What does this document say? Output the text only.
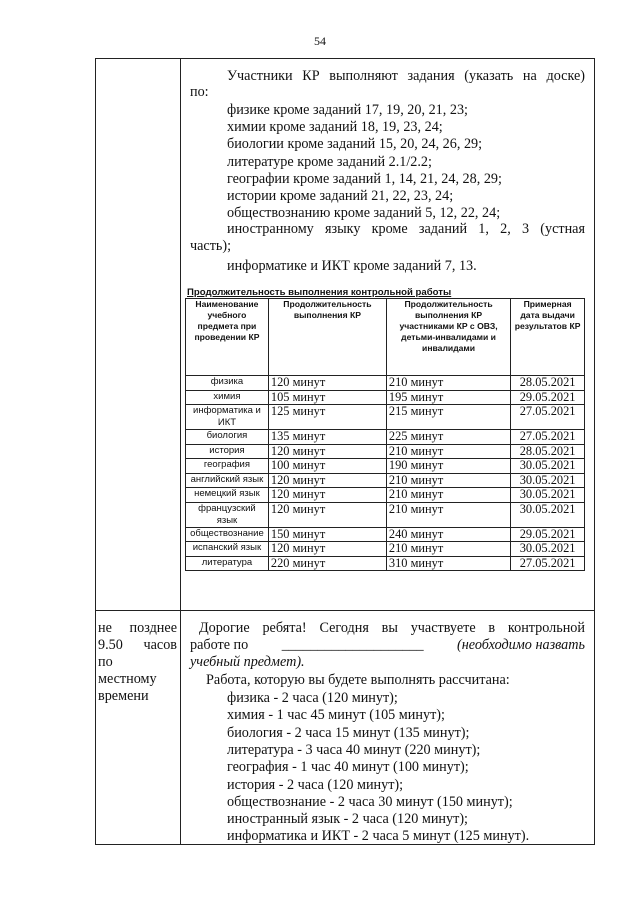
54
Участники КР выполняют задания (указать на доске)
по:
физике кроме заданий 17, 19, 20, 21, 23;
химии кроме заданий 18, 19, 23, 24;
биологии кроме заданий 15, 20, 24, 26, 29;
литературе кроме заданий 2.1/2.2;
географии кроме заданий 1, 14, 21, 24, 28, 29;
истории кроме заданий 21, 22, 23, 24;
обществознанию кроме заданий 5, 12, 22, 24;
иностранному языку кроме заданий 1, 2, 3 (устная
часть);
информатике и ИКТ кроме заданий 7, 13.
Продолжительность выполнения контрольной работы
Наименование учебного предмета при проведении КР	Продолжительность выполнения КР	Продолжительность выполнения КР участниками КР с ОВЗ, детьми-инвалидами и инвалидами	Примерная дата выдачи результатов КР
физика	120 минут	210 минут	28.05.2021
химия	105 минут	195 минут	29.05.2021
информатика и ИКТ	125 минут	215 минут	27.05.2021
биология	135 минут	225 минут	27.05.2021
история	120 минут	210 минут	28.05.2021
география	100 минут	190 минут	30.05.2021
английский язык	120 минут	210 минут	30.05.2021
немецкий язык	120 минут	210 минут	30.05.2021
французский язык	120 минут	210 минут	30.05.2021
обществознание	150 минут	240 минут	29.05.2021
испанский язык	120 минут	210 минут	30.05.2021
литература	220 минут	310 минут	27.05.2021
не позднее
9.50 часов
по
местному
времени
Дорогие ребята! Сегодня вы участвуете в контрольной
работе по ____________________ (необходимо назвать
учебный предмет).
Работа, которую вы будете выполнять рассчитана:
физика - 2 часа (120 минут);
химия - 1 час 45 минут (105 минут);
биология - 2 часа 15 минут (135 минут);
литература - 3 часа 40 минут (220 минут);
география - 1 час 40 минут (100 минут);
история - 2 часа (120 минут);
обществознание - 2 часа 30 минут (150 минут);
иностранный язык - 2 часа (120 минут);
информатика и ИКТ - 2 часа 5 минут (125 минут).
